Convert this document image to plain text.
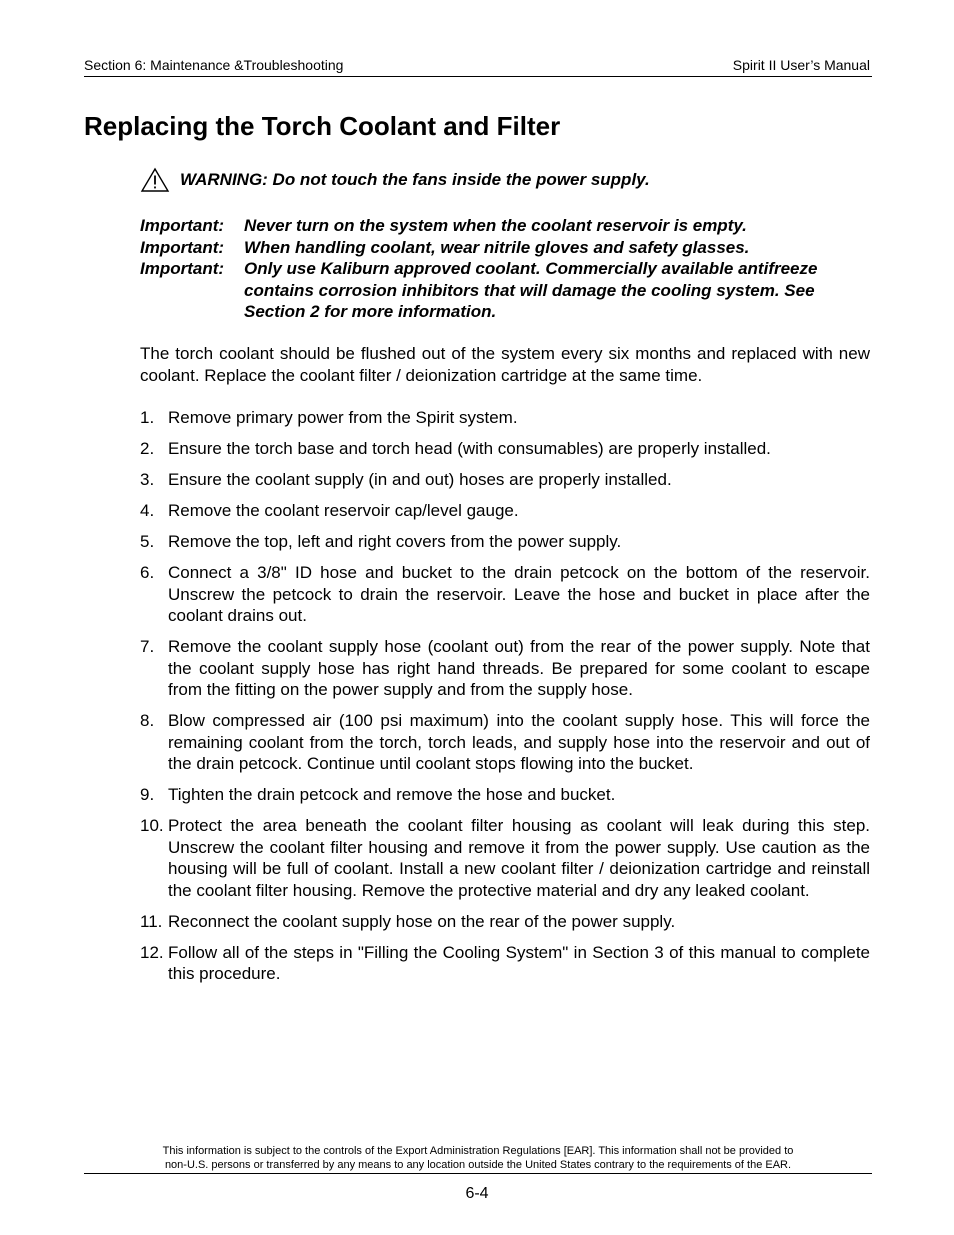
Section 6: Maintenance &Troubleshooting	Spirit II User’s Manual
Replacing the Torch Coolant and Filter
WARNING: Do not touch the fans inside the power supply.
Important: Never turn on the system when the coolant reservoir is empty.
Important: When handling coolant, wear nitrile gloves and safety glasses.
Important: Only use Kaliburn approved coolant. Commercially available antifreeze contains corrosion inhibitors that will damage the cooling system. See Section 2 for more information.

The torch coolant should be flushed out of the system every six months and replaced with new coolant. Replace the coolant filter / deionization cartridge at the same time.

1. Remove primary power from the Spirit system.
2. Ensure the torch base and torch head (with consumables) are properly installed.
3. Ensure the coolant supply (in and out) hoses are properly installed.
4. Remove the coolant reservoir cap/level gauge.
5. Remove the top, left and right covers from the power supply.
6. Connect a 3/8" ID hose and bucket to the drain petcock on the bottom of the reservoir. Unscrew the petcock to drain the reservoir. Leave the hose and bucket in place after the coolant drains out.
7. Remove the coolant supply hose (coolant out) from the rear of the power supply. Note that the coolant supply hose has right hand threads. Be prepared for some coolant to escape from the fitting on the power supply and from the supply hose.
8. Blow compressed air (100 psi maximum) into the coolant supply hose. This will force the remaining coolant from the torch, torch leads, and supply hose into the reservoir and out of the drain petcock. Continue until coolant stops flowing into the bucket.
9. Tighten the drain petcock and remove the hose and bucket.
10. Protect the area beneath the coolant filter housing as coolant will leak during this step. Unscrew the coolant filter housing and remove it from the power supply. Use caution as the housing will be full of coolant. Install a new coolant filter / deionization cartridge and reinstall the coolant filter housing. Remove the protective material and dry any leaked coolant.
11. Reconnect the coolant supply hose on the rear of the power supply.
12. Follow all of the steps in "Filling the Cooling System" in Section 3 of this manual to complete this procedure.
This information is subject to the controls of the Export Administration Regulations [EAR]. This information shall not be provided to
non-U.S. persons or transferred by any means to any location outside the United States contrary to the requirements of the EAR.
6-4
